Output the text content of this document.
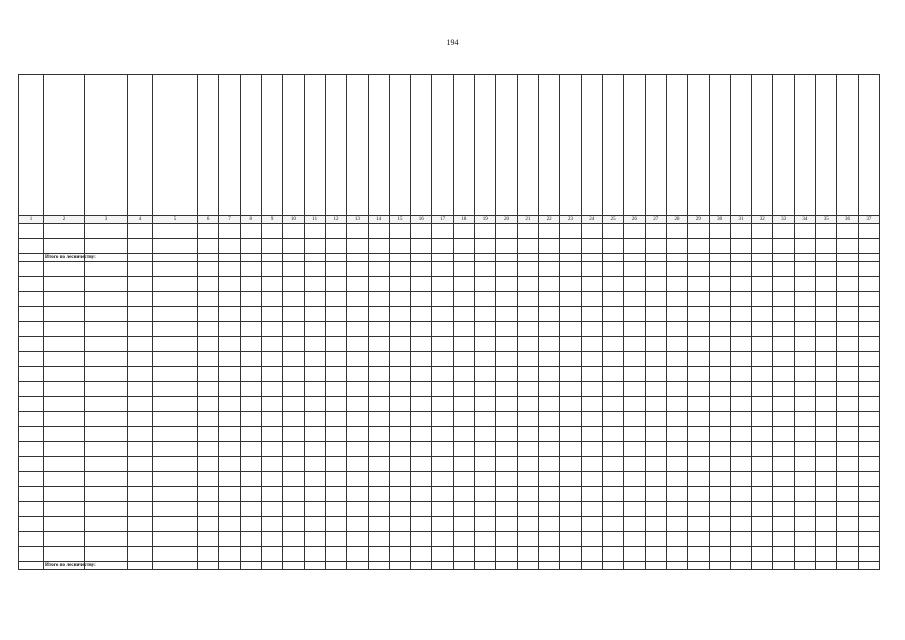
194

1	2	3	4	5	6	7	8	9	10	11	12	13	14	15	16	17	18	19	20	21	22	23	24	25	26	27	28	29	30	31	32	33	34	35	36	37

	Итого по лесничеству:																																			

	Итого по лесничеству:																																			
